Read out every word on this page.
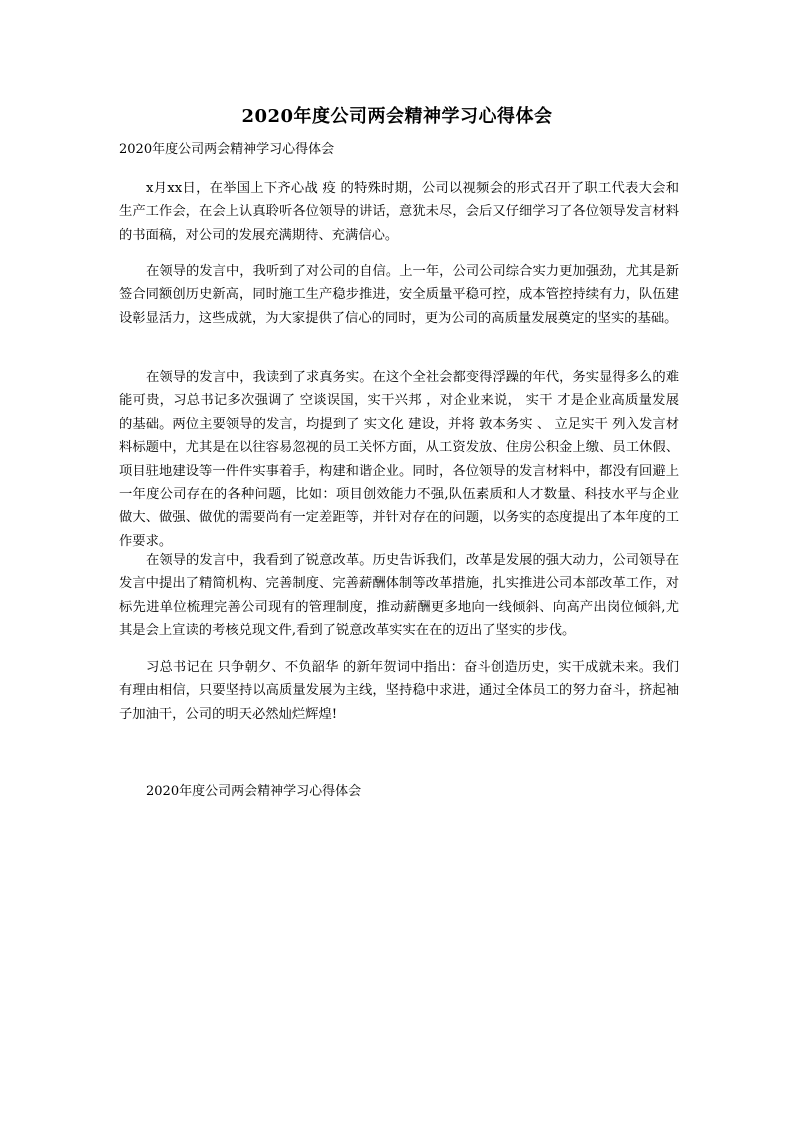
2020年度公司两会精神学习心得体会
2020年度公司两会精神学习心得体会

x月xx日，在举国上下齐心战 疫 的特殊时期，公司以视频会的形式召开了职工代表大会和生产工作会，在会上认真聆听各位领导的讲话，意犹未尽，会后又仔细学习了各位领导发言材料的书面稿，对公司的发展充满期待、充满信心。

在领导的发言中，我听到了对公司的自信。上一年，公司公司综合实力更加强劲，尤其是新签合同额创历史新高，同时施工生产稳步推进，安全质量平稳可控，成本管控持续有力，队伍建设彰显活力，这些成就，为大家提供了信心的同时，更为公司的高质量发展奠定的坚实的基础。

在领导的发言中，我读到了求真务实。在这个全社会都变得浮躁的年代，务实显得多么的难能可贵，习总书记多次强调了 空谈误国，实干兴邦 ，对企业来说， 实干 才是企业高质量发展的基础。两位主要领导的发言，均提到了 实文化 建设，并将 敦本务实 、 立足实干 列入发言材料标题中，尤其是在以往容易忽视的员工关怀方面，从工资发放、住房公积金上缴、员工休假、项目驻地建设等一件件实事着手，构建和谐企业。同时，各位领导的发言材料中，都没有回避上一年度公司存在的各种问题，比如：项目创效能力不强,队伍素质和人才数量、科技水平与企业做大、做强、做优的需要尚有一定差距等，并针对存在的问题，以务实的态度提出了本年度的工作要求。

在领导的发言中，我看到了锐意改革。历史告诉我们，改革是发展的强大动力，公司领导在发言中提出了精简机构、完善制度、完善薪酬体制等改革措施，扎实推进公司本部改革工作，对标先进单位梳理完善公司现有的管理制度，推动薪酬更多地向一线倾斜、向高产出岗位倾斜,尤其是会上宣读的考核兑现文件,看到了锐意改革实实在在的迈出了坚实的步伐。

习总书记在 只争朝夕、不负韶华 的新年贺词中指出：奋斗创造历史，实干成就未来。我们有理由相信，只要坚持以高质量发展为主线，坚持稳中求进，通过全体员工的努力奋斗，挤起袖子加油干，公司的明天必然灿烂辉煌!

2020年度公司两会精神学习心得体会
